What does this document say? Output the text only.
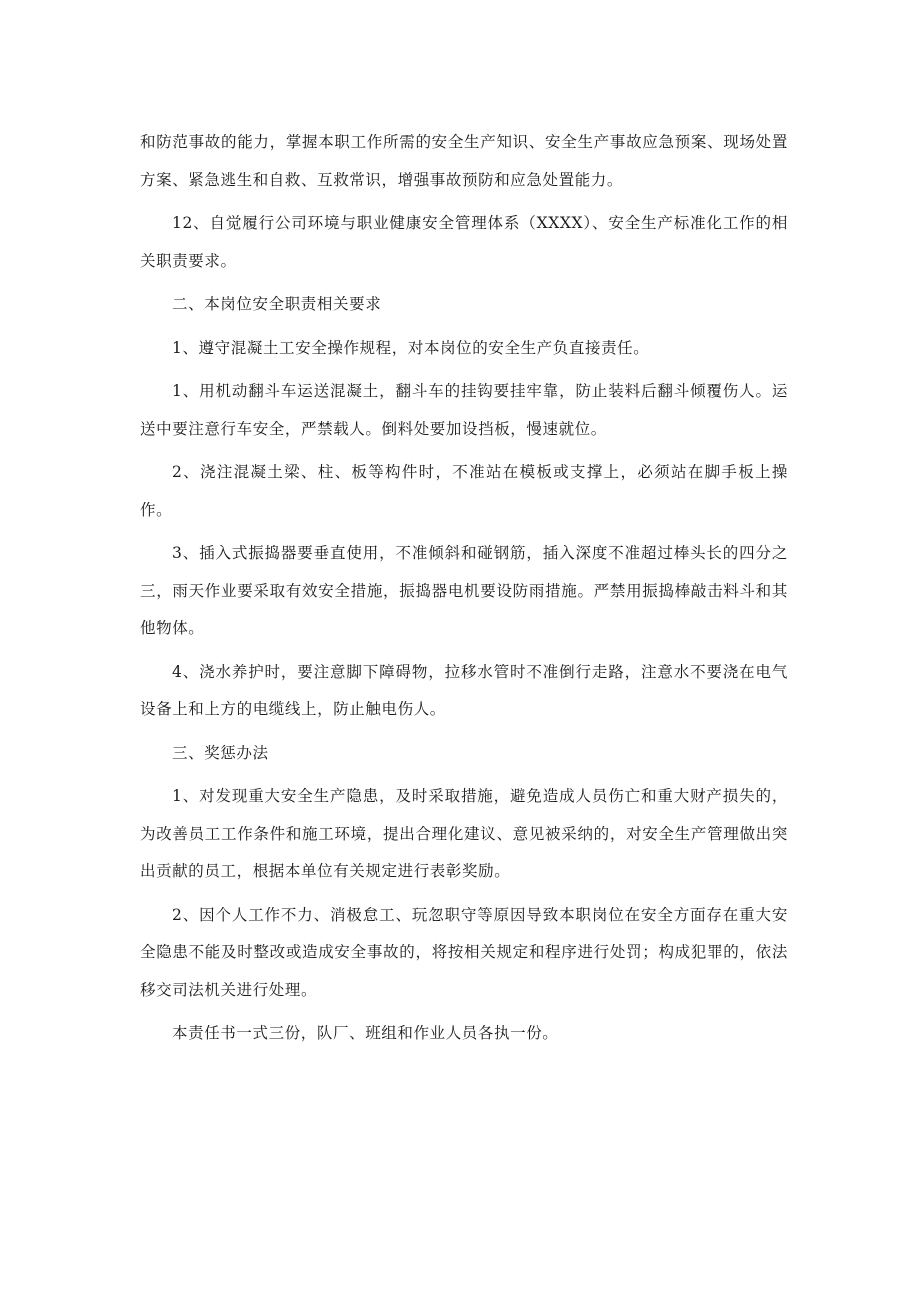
和防范事故的能力，掌握本职工作所需的安全生产知识、安全生产事故应急预案、现场处置方案、紧急逃生和自救、互救常识，增强事故预防和应急处置能力。

12、自觉履行公司环境与职业健康安全管理体系（XXXX）、安全生产标准化工作的相关职责要求。

二、本岗位安全职责相关要求

1、遵守混凝土工安全操作规程，对本岗位的安全生产负直接责任。

1、用机动翻斗车运送混凝土，翻斗车的挂钩要挂牢靠，防止装料后翻斗倾覆伤人。运送中要注意行车安全，严禁载人。倒料处要加设挡板，慢速就位。

2、浇注混凝土梁、柱、板等构件时，不准站在模板或支撑上，必须站在脚手板上操作。

3、插入式振捣器要垂直使用，不准倾斜和碰钢筋，插入深度不准超过棒头长的四分之三，雨天作业要采取有效安全措施，振捣器电机要设防雨措施。严禁用振捣棒敲击料斗和其他物体。

4、浇水养护时，要注意脚下障碍物，拉移水管时不准倒行走路，注意水不要浇在电气设备上和上方的电缆线上，防止触电伤人。

三、奖惩办法

1、对发现重大安全生产隐患，及时采取措施，避免造成人员伤亡和重大财产损失的，为改善员工工作条件和施工环境，提出合理化建议、意见被采纳的，对安全生产管理做出突出贡献的员工，根据本单位有关规定进行表彰奖励。

2、因个人工作不力、消极怠工、玩忽职守等原因导致本职岗位在安全方面存在重大安全隐患不能及时整改或造成安全事故的，将按相关规定和程序进行处罚；构成犯罪的，依法移交司法机关进行处理。

本责任书一式三份，队厂、班组和作业人员各执一份。
